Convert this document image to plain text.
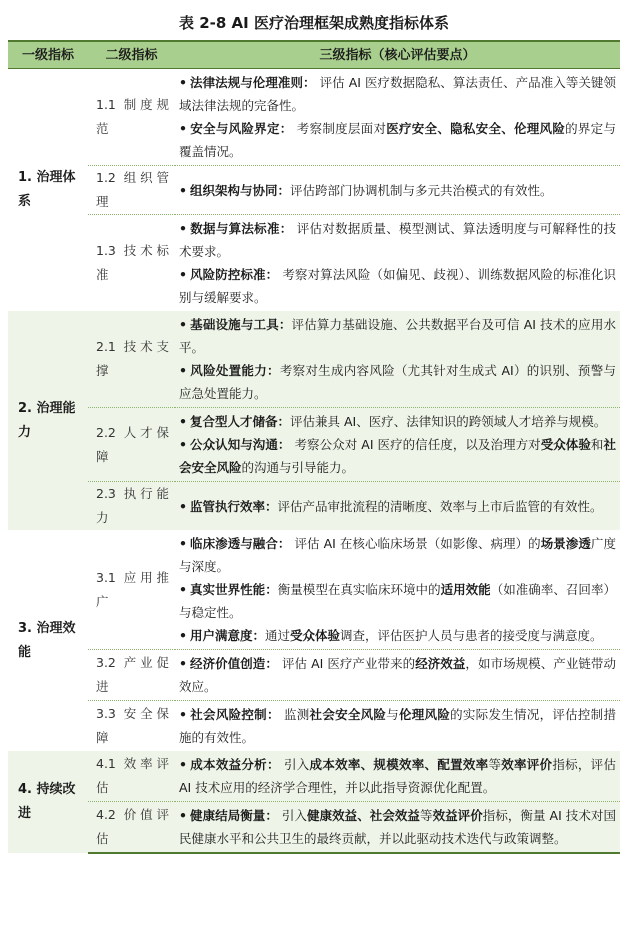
表 2-8 AI 医疗治理框架成熟度指标体系
一级指标	二级指标	三级指标（核心评估要点）
1. 治理体系	1.1 制度规范	• 法律法规与伦理准则： 评估 AI 医疗数据隐私、算法责任、产品准入等关键领域法律法规的完备性。
• 安全与风险界定： 考察制度层面对医疗安全、隐私安全、伦理风险的界定与覆盖情况。

	1.2 组织管理	• 组织架构与协同：评估跨部门协调机制与多元共治模式的有效性。

	1.3 技术标准	• 数据与算法标准： 评估对数据质量、模型测试、算法透明度与可解释性的技术要求。
• 风险防控标准： 考察对算法风险（如偏见、歧视）、训练数据风险的标准化识别与缓解要求。

2. 治理能力	2.1 技术支撑	• 基础设施与工具：评估算力基础设施、公共数据平台及可信 AI 技术的应用水平。
• 风险处置能力：考察对生成内容风险（尤其针对生成式 AI）的识别、预警与应急处置能力。

	2.2 人才保障	• 复合型人才储备：评估兼具 AI、医疗、法律知识的跨领域人才培养与规模。
• 公众认知与沟通： 考察公众对 AI 医疗的信任度，以及治理方对受众体验和社会安全风险的沟通与引导能力。

	2.3 执行能力	• 监管执行效率：评估产品审批流程的清晰度、效率与上市后监管的有效性。

3. 治理效能	3.1 应用推广	• 临床渗透与融合： 评估 AI 在核心临床场景（如影像、病理）的场景渗透广度与深度。
• 真实世界性能：衡量模型在真实临床环境中的适用效能（如准确率、召回率）与稳定性。
• 用户满意度：通过受众体验调查，评估医护人员与患者的接受度与满意度。

	3.2 产业促进	• 经济价值创造： 评估 AI 医疗产业带来的经济效益，如市场规模、产业链带动效应。

	3.3 安全保障	• 社会风险控制： 监测社会安全风险与伦理风险的实际发生情况，评估控制措施的有效性。

4. 持续改进	4.1 效率评估	• 成本效益分析： 引入成本效率、规模效率、配置效率等效率评价指标，评估 AI 技术应用的经济学合理性，并以此指导资源优化配置。

	4.2 价值评估	• 健康结局衡量： 引入健康效益、社会效益等效益评价指标，衡量 AI 技术对国民健康水平和公共卫生的最终贡献，并以此驱动技术迭代与政策调整。
